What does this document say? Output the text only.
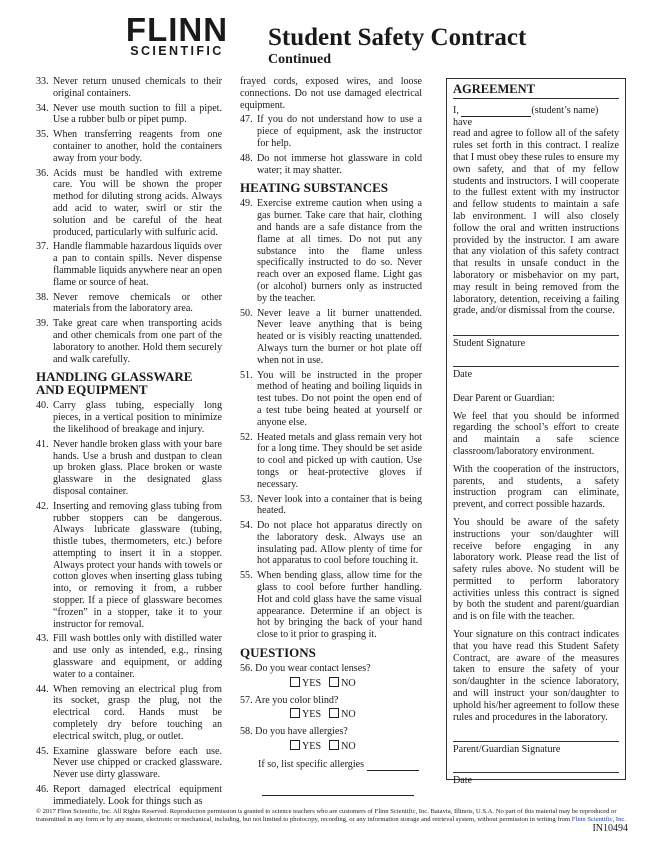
FLINN
SCIENTIFIC	Student Safety Contract
Continued
33. Never return unused chemicals to their original containers.
34. Never use mouth suction to fill a pipet. Use a rubber bulb or pipet pump.
35. When transferring reagents from one container to another, hold the containers away from your body.
36. Acids must be handled with extreme care. You will be shown the proper method for diluting strong acids. Always add acid to water, swirl or stir the solution and be careful of the heat produced, particularly with sulfuric acid.
37. Handle flammable hazardous liquids over a pan to contain spills. Never dispense flammable liquids anywhere near an open flame or source of heat.
38. Never remove chemicals or other materials from the laboratory area.
39. Take great care when transporting acids and other chemicals from one part of the laboratory to another. Hold them securely and walk carefully.
HANDLING GLASSWARE AND EQUIPMENT
40. Carry glass tubing, especially long pieces, in a vertical position to minimize the likelihood of breakage and injury.
41. Never handle broken glass with your bare hands. Use a brush and dustpan to clean up broken glass. Place broken or waste glassware in the designated glass disposal container.
42. Inserting and removing glass tubing from rubber stoppers can be dangerous. Always lubricate glassware (tubing, thistle tubes, thermometers, etc.) before attempting to insert it in a stopper. Always protect your hands with towels or cotton gloves when inserting glass tubing into, or removing it from, a rubber stopper. If a piece of glassware becomes “frozen” in a stopper, take it to your instructor for removal.
43. Fill wash bottles only with distilled water and use only as intended, e.g., rinsing glassware and equipment, or adding water to a container.
44. When removing an electrical plug from its socket, grasp the plug, not the electrical cord. Hands must be completely dry before touching an electrical switch, plug, or outlet.
45. Examine glassware before each use. Never use chipped or cracked glassware. Never use dirty glassware.
46. Report damaged electrical equipment immediately. Look for things such as
frayed cords, exposed wires, and loose connections. Do not use damaged electrical equipment.
47. If you do not understand how to use a piece of equipment, ask the instructor for help.
48. Do not immerse hot glassware in cold water; it may shatter.
HEATING SUBSTANCES
49. Exercise extreme caution when using a gas burner. Take care that hair, clothing and hands are a safe distance from the flame at all times. Do not put any substance into the flame unless specifically instructed to do so. Never reach over an exposed flame. Light gas (or alcohol) burners only as instructed by the teacher.
50. Never leave a lit burner unattended. Never leave anything that is being heated or is visibly reacting unattended. Always turn the burner or hot plate off when not in use.
51. You will be instructed in the proper method of heating and boiling liquids in test tubes. Do not point the open end of a test tube being heated at yourself or anyone else.
52. Heated metals and glass remain very hot for a long time. They should be set aside to cool and picked up with caution. Use tongs or heat-protective gloves if necessary.
53. Never look into a container that is being heated.
54. Do not place hot apparatus directly on the laboratory desk. Always use an insulating pad. Allow plenty of time for hot apparatus to cool before touching it.
55. When bending glass, allow time for the glass to cool before further handling. Hot and cold glass have the same visual appearance. Determine if an object is hot by bringing the back of your hand close to it prior to grasping it.
QUESTIONS
56. Do you wear contact lenses?
YES NO
57. Are you color blind?
YES NO
58. Do you have allergies?
YES NO
If so, list specific allergies
AGREEMENT
I,	(student’s name) have

read and agree to follow all of the safety rules set forth in this contract. I realize that I must obey these rules to ensure my own safety, and that of my fellow students and instructors. I will cooperate to the fullest extent with my instructor and fellow students to maintain a safe lab environment. I will also closely follow the oral and written instructions provided by the instructor. I am aware that any violation of this safety contract that results in unsafe conduct in the laboratory or misbehavior on my part, may result in being removed from the laboratory, detention, receiving a failing grade, and/or dismissal from the course.

Student Signature
Date

Dear Parent or Guardian:

We feel that you should be informed regarding the school’s effort to create and maintain a safe science classroom/laboratory environment.

With the cooperation of the instructors, parents, and students, a safety instruction program can eliminate, prevent, and correct possible hazards.

You should be aware of the safety instructions your son/daughter will receive before engaging in any laboratory work. Please read the list of safety rules above. No student will be permitted to perform laboratory activities unless this contract is signed by both the student and parent/guardian and is on file with the teacher.

Your signature on this contract indicates that you have read this Student Safety Contract, are aware of the measures taken to ensure the safety of your son/daughter in the science laboratory, and will instruct your son/daughter to uphold his/her agreement to follow these rules and procedures in the laboratory.

Parent/Guardian Signature
Date
© 2017 Flinn Scientific, Inc. All Rights Reserved. Reproduction permission is granted to science teachers who are customers of Flinn Scientific, Inc. Batavia, Illinois, U.S.A. No part of this material may be reproduced or transmitted in any form or by any means, electronic or mechanical, including, but not limited to photocopy, recording, or any information storage and retrieval system, without permission in writing from Flinn Scientific, Inc.
IN10494
